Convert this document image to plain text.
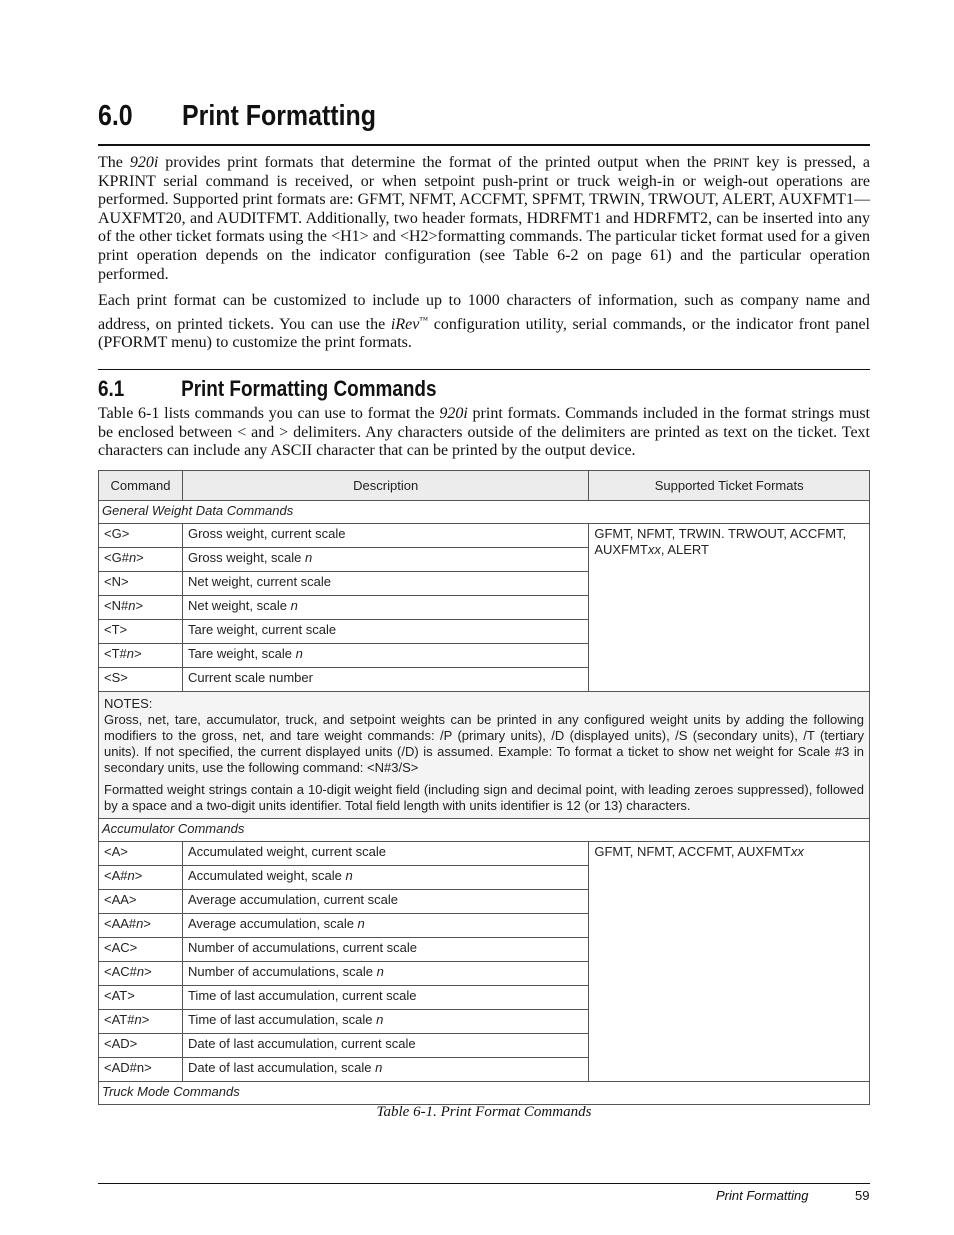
6.0 Print Formatting

The 920i provides print formats that determine the format of the printed output when the PRINT key is pressed, a KPRINT serial command is received, or when setpoint push-print or truck weigh-in or weigh-out operations are performed. Supported print formats are: GFMT, NFMT, ACCFMT, SPFMT, TRWIN, TRWOUT, ALERT, AUXFMT1—AUXFMT20, and AUDITFMT. Additionally, two header formats, HDRFMT1 and HDRFMT2, can be inserted into any of the other ticket formats using the <H1> and <H2>formatting commands. The particular ticket format used for a given print operation depends on the indicator configuration (see Table 6-2 on page 61) and the particular operation performed.

Each print format can be customized to include up to 1000 characters of information, such as company name and address, on printed tickets. You can use the iRev™ configuration utility, serial commands, or the indicator front panel (PFORMT menu) to customize the print formats.

6.1	Print Formatting Commands

Table 6-1 lists commands you can use to format the 920i print formats. Commands included in the format strings must be enclosed between < and > delimiters. Any characters outside of the delimiters are printed as text on the ticket. Text characters can include any ASCII character that can be printed by the output device.

Command	Description	Supported Ticket Formats
General Weight Data Commands		
<G>	Gross weight, current scale	GFMT, NFMT, TRWIN. TRWOUT, ACCFMT, AUXFMTxx, ALERT
<G#n>	Gross weight, scale n	
<N>	Net weight, current scale	
<N#n>	Net weight, scale n	
<T>	Tare weight, current scale	
<T#n>	Tare weight, scale n	
<S>	Current scale number	

NOTES:

Gross, net, tare, accumulator, truck, and setpoint weights can be printed in any configured weight units by adding the following modifiers to the gross, net, and tare weight commands: /P (primary units), /D (displayed units), /S (secondary units), /T (tertiary units). If not specified, the current displayed units (/D) is assumed. Example: To format a ticket to show net weight for Scale #3 in secondary units, use the following command: <N#3/S>

Formatted weight strings contain a 10-digit weight field (including sign and decimal point, with leading zeroes suppressed), followed by a space and a two-digit units identifier. Total field length with units identifier is 12 (or 13) characters.		

Accumulator Commands		
<A>	Accumulated weight, current scale	GFMT, NFMT, ACCFMT, AUXFMTxx
<A#n>	Accumulated weight, scale n	
<AA>	Average accumulation, current scale	
<AA#n>	Average accumulation, scale n	
<AC>	Number of accumulations, current scale	
<AC#n>	Number of accumulations, scale n	
<AT>	Time of last accumulation, current scale	
<AT#n>	Time of last accumulation, scale n	
<AD>	Date of last accumulation, current scale	
<AD#n>	Date of last accumulation, scale n	
Truck Mode Commands		
Table 6-1. Print Format Commands
Print Formatting	59
